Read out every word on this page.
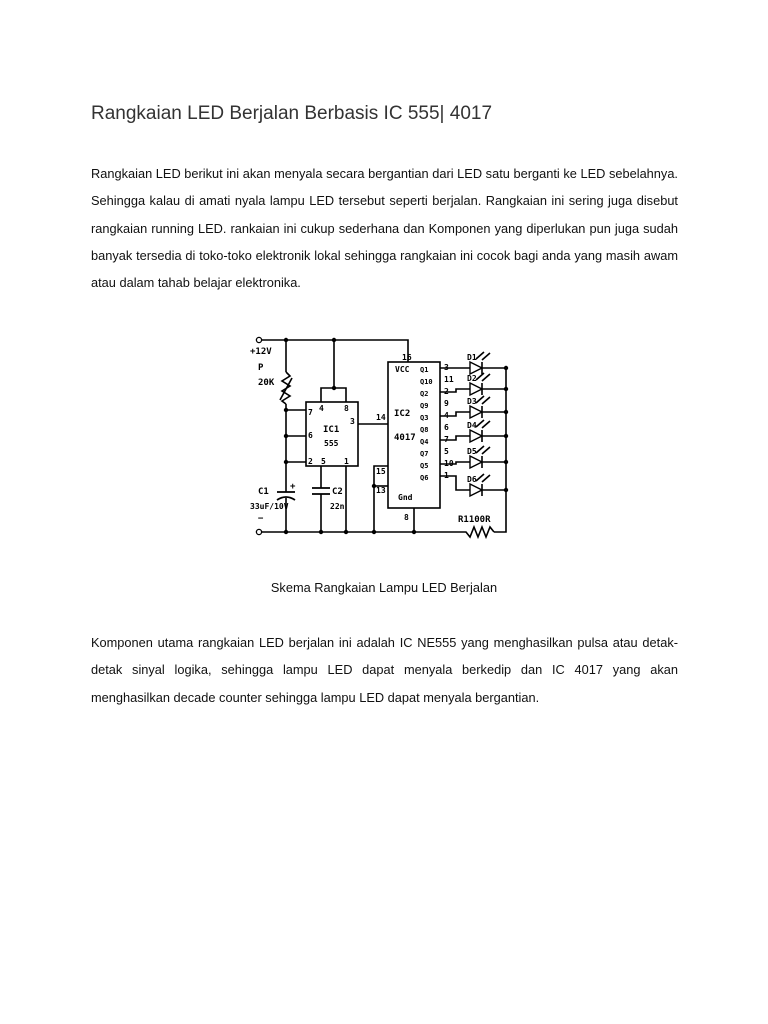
Rangkaian LED Berjalan Berbasis IC 555| 4017

Rangkaian LED berikut ini akan menyala secara bergantian dari LED satu berganti ke LED sebelahnya. Sehingga kalau di amati nyala lampu LED tersebut seperti berjalan. Rangkaian ini sering juga disebut rangkaian running LED. rankaian ini cukup sederhana dan Komponen yang diperlukan pun juga sudah banyak tersedia di toko-toko elektronik lokal sehingga rangkaian ini cocok bagi anda yang masih awam atau dalam tahab belajar elektronika.

+12V
P
20K
4	8
7
3
6
2 5 1
IC1
555
+
C1
33uF/10V
−
C2
22n
16
14
15
13
8
VCC
Gnd
IC2
4017
Q1 3
Q10 11
Q2 2
Q9 9
Q3 4
Q8 6
Q4 7
Q7 5
Q5 10
Q6 1
D1
D2
D3
D4
D5
D6
R1100R
Skema Rangkaian Lampu LED Berjalan

Komponen utama rangkaian LED berjalan ini adalah IC NE555 yang menghasilkan pulsa atau detak-detak sinyal logika, sehingga lampu LED dapat menyala berkedip dan IC 4017 yang akan menghasilkan decade counter sehingga lampu LED dapat menyala bergantian.
